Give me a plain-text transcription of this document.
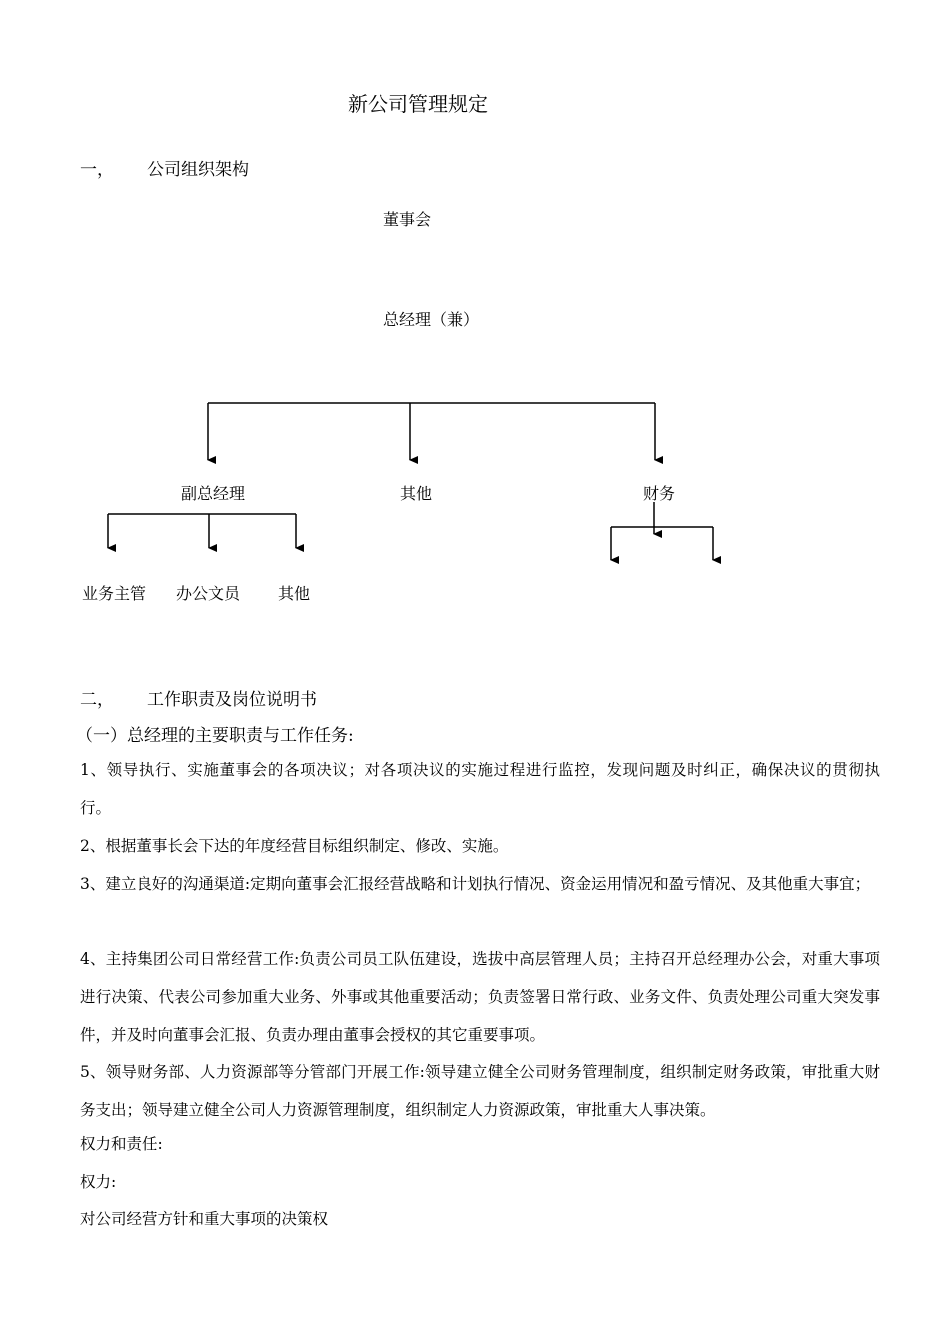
新公司管理规定
一， 公司组织架构
董事会
总经理（兼）
副总经理	其他	财务
业务主管 办公文员 其他
二， 工作职责及岗位说明书
（一）总经理的主要职责与工作任务:
1、领导执行、实施董事会的各项决议；对各项决议的实施过程进行监控，发现问题及时纠正，确保决议的贯彻执行。
2、根据董事长会下达的年度经营目标组织制定、修改、实施。
3、建立良好的沟通渠道:定期向董事会汇报经营战略和计划执行情况、资金运用情况和盈亏情况、及其他重大事宜；
4、主持集团公司日常经营工作:负责公司员工队伍建设，选拔中高层管理人员；主持召开总经理办公会，对重大事项进行决策、代表公司参加重大业务、外事或其他重要活动；负责签署日常行政、业务文件、负责处理公司重大突发事件，并及时向董事会汇报、负责办理由董事会授权的其它重要事项。
5、领导财务部、人力资源部等分管部门开展工作:领导建立健全公司财务管理制度，组织制定财务政策，审批重大财务支出；领导建立健全公司人力资源管理制度，组织制定人力资源政策，审批重大人事决策。
权力和责任:
权力:
对公司经营方针和重大事项的决策权
